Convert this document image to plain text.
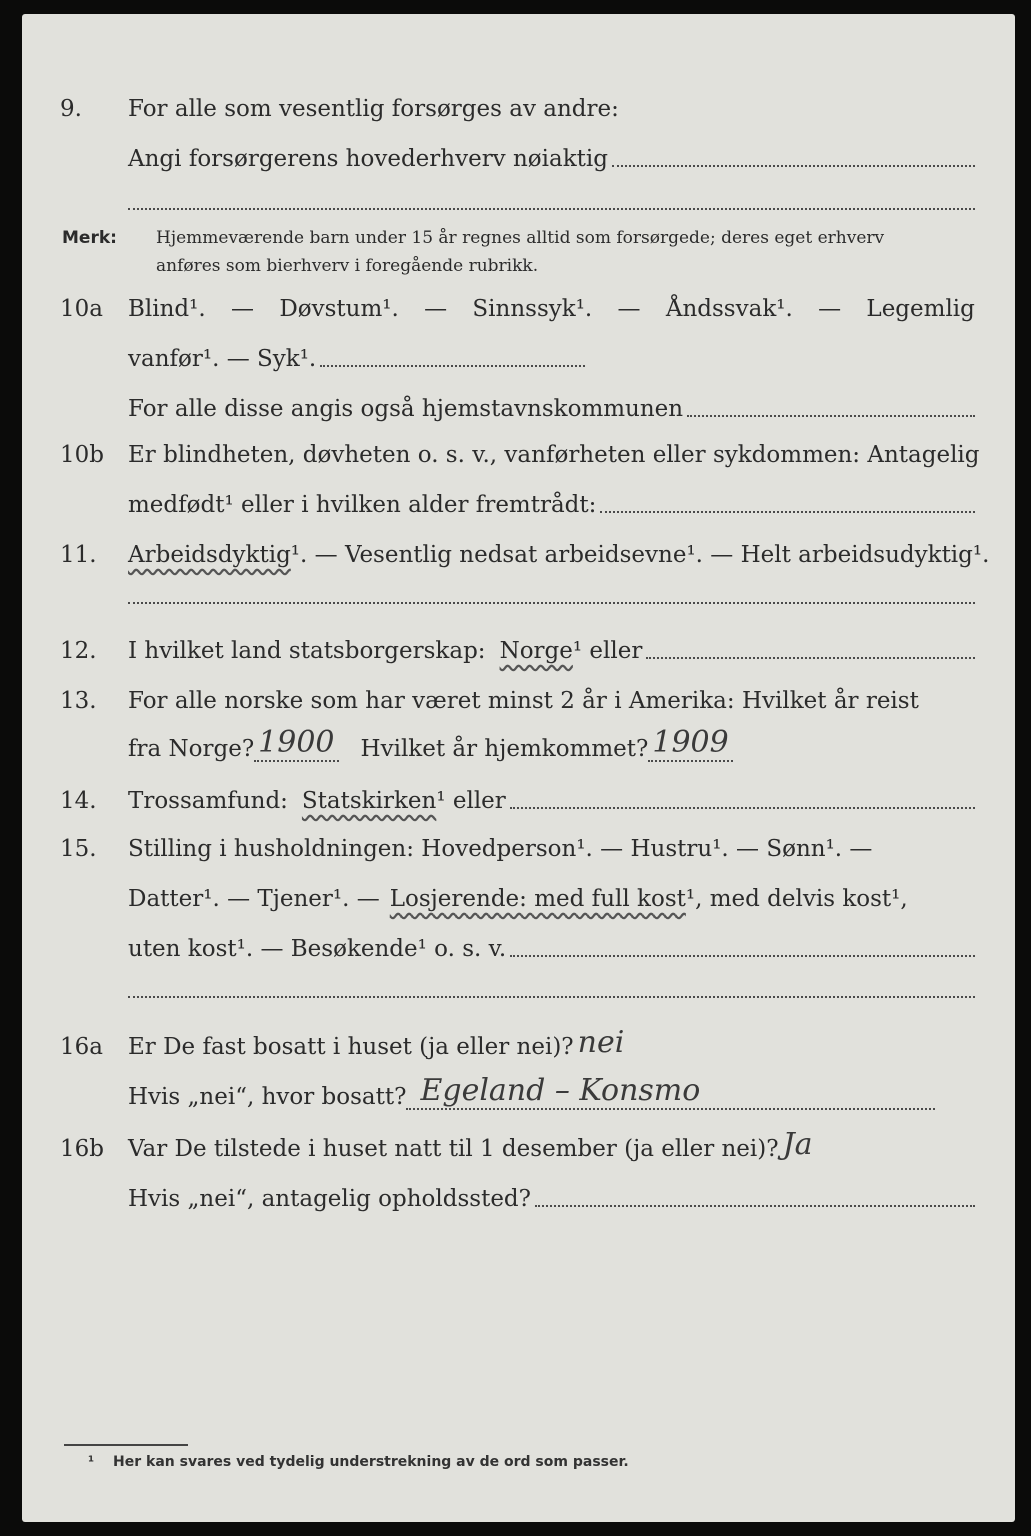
9.	For alle som vesentlig forsørges av andre:
Angi forsørgerens hovederhverv nøiaktig
Merk: Hjemmeværende barn under 15 år regnes alltid som forsørgede; deres eget erhverv
anføres som bierhverv i foregående rubrikk.
10a	Blind¹. — Døvstum¹. — Sinnssyk¹. — Åndssvak¹. — Legemlig
vanfør¹. — Syk¹.
For alle disse angis også hjemstavnskommunen
10b	Er blindheten, døvheten o. s. v., vanførheten eller sykdommen: Antagelig
medfødt¹ eller i hvilken alder fremtrådt:
11.	Arbeidsdyktig ¹. — Vesentlig nedsat arbeidsevne¹. — Helt arbeidsudyktig¹.
12.	I hvilket land statsborgerskap: Norge ¹ eller
13.	For alle norske som har været minst 2 år i Amerika: Hvilket år reist
fra Norge? 1900 Hvilket år hjemkommet? 1909
14.	Trossamfund: Statskirken ¹ eller
15.	Stilling i husholdningen: Hovedperson¹. — Hustru¹. — Sønn¹. —
Datter¹. — Tjener¹. — Losjerende: med full kost ¹, med delvis kost¹,
uten kost¹. — Besøkende¹ o. s. v.
16a	Er De fast bosatt i huset (ja eller nei)? nei
Hvis „nei“, hvor bosatt? Egeland – Konsmo
16b	Var De tilstede i huset natt til 1 desember (ja eller nei)? Ja
Hvis „nei“, antagelig opholdssted?
¹ Her kan svares ved tydelig understrekning av de ord som passer.
